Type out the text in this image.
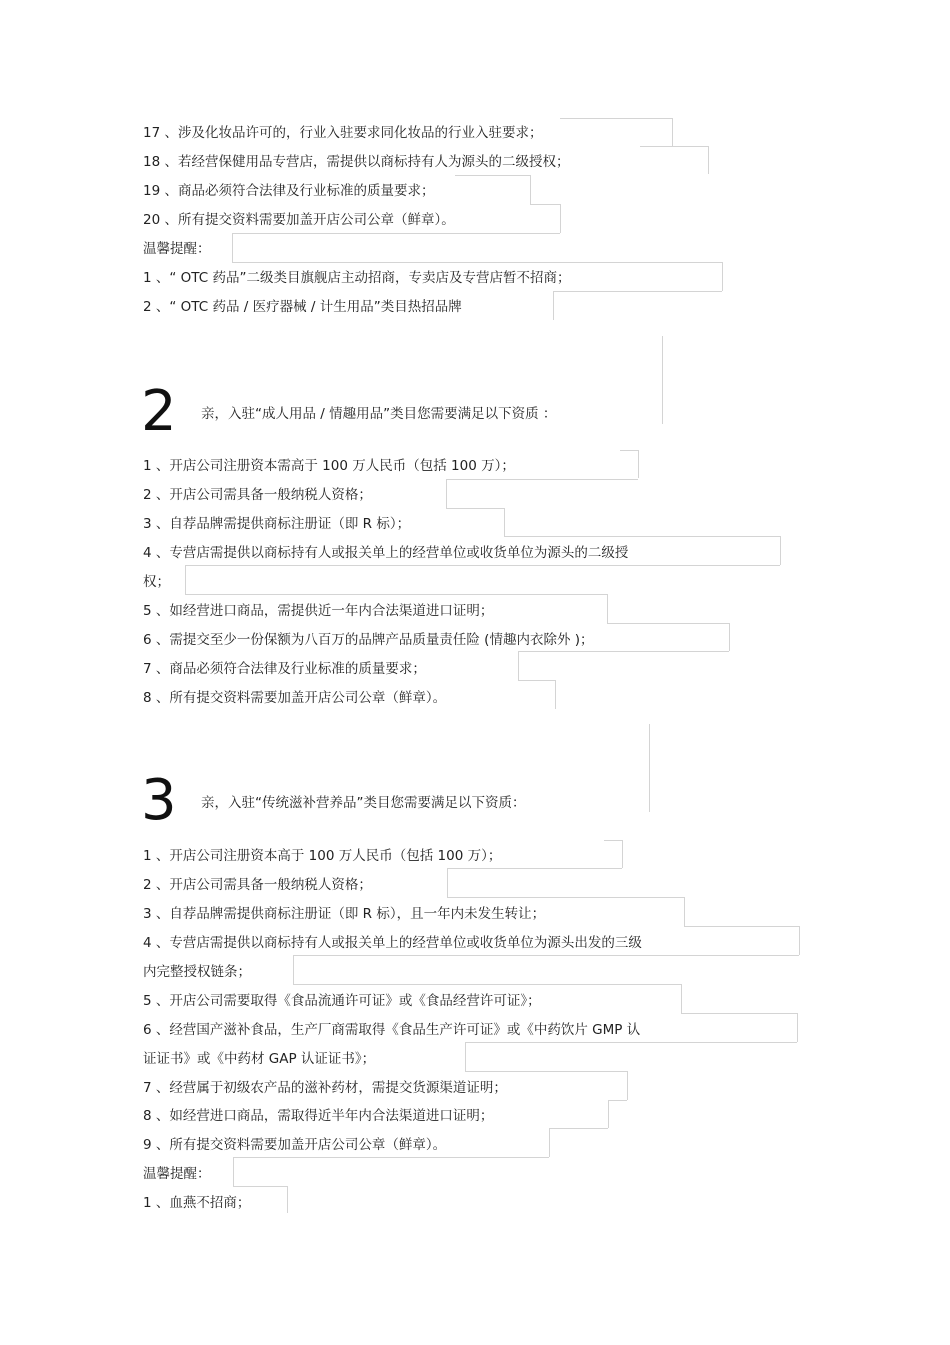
17 、涉及化妆品许可的，行业入驻要求同化妆品的行业入驻要求；
18 、若经营保健用品专营店，需提供以商标持有人为源头的二级授权；
19 、商品必须符合法律及行业标准的质量要求；
20 、所有提交资料需要加盖开店公司公章（鲜章）。
温馨提醒：
1 、“ OTC 药品”二级类目旗舰店主动招商，专卖店及专营店暂不招商；
2 、“ OTC 药品 / 医疗器械 / 计生用品”类目热招品牌
2 亲，入驻“成人用品 / 情趣用品”类目您需要满足以下资质 ：
1 、开店公司注册资本需高于 100 万人民币（包括 100 万）；
2 、开店公司需具备一般纳税人资格；
3 、自荐品牌需提供商标注册证（即 R 标）；
4 、专营店需提供以商标持有人或报关单上的经营单位或收货单位为源头的二级授
权；
5 、如经营进口商品，需提供近一年内合法渠道进口证明；
6 、需提交至少一份保额为八百万的品牌产品质量责任险 (情趣内衣除外 )；
7 、商品必须符合法律及行业标准的质量要求；
8 、所有提交资料需要加盖开店公司公章（鲜章）。
3 亲，入驻“传统滋补营养品”类目您需要满足以下资质：
1 、开店公司注册资本高于 100 万人民币（包括 100 万）；
2 、开店公司需具备一般纳税人资格；
3 、自荐品牌需提供商标注册证（即 R 标），且一年内未发生转让；
4 、专营店需提供以商标持有人或报关单上的经营单位或收货单位为源头出发的三级
内完整授权链条；
5 、开店公司需要取得《食品流通许可证》或《食品经营许可证》；
6 、经营国产滋补食品，生产厂商需取得《食品生产许可证》或《中药饮片 GMP 认
证证书》或《中药材 GAP 认证证书》；
7 、经营属于初级农产品的滋补药材，需提交货源渠道证明；
8 、如经营进口商品，需取得近半年内合法渠道进口证明；
9 、所有提交资料需要加盖开店公司公章（鲜章）。
温馨提醒：
1 、血燕不招商；
